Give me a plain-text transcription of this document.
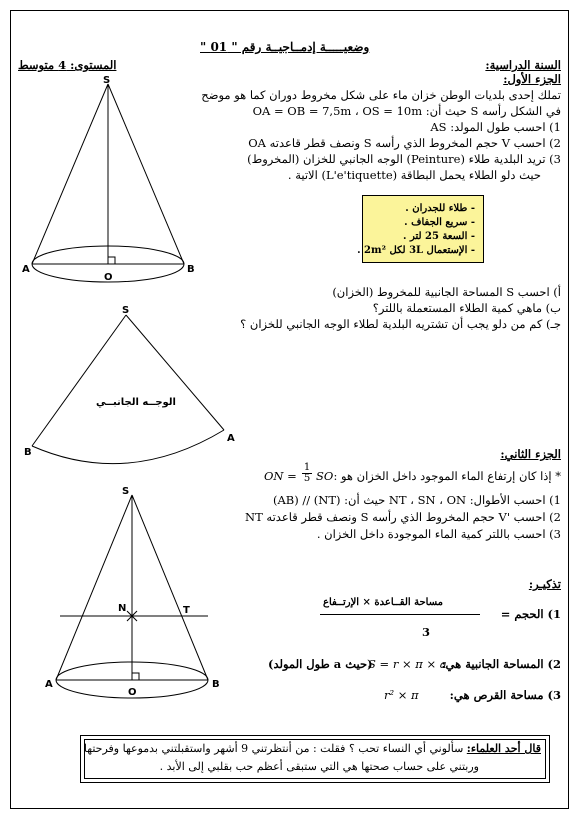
وضعيـــــة إدمــاجيــة رقم " 01 "
السنة الدراسية:
المستوى: 4 متوسط
الجزء الأول:
تملك إحدى بلديات الوطن خزان ماء على شكل مخروط دوران كما هو موضح
في الشكل رأسه S حيث أن: OA = OB = 7,5m ، OS = 10m
1) احسب طول المولد: AS
2) احسب V حجم المخروط الذي رأسه S ونصف قطر قاعدته OA
3) تريد البلدية طلاء (Peinture) الوجه الجانبي للخزان (المخروط)
حيث دلو الطلاء يحمل البطاقة (L'e'tiquette) الاتية .
- طلاء للجدران .
- سريع الجفاف .
- السعة 25 لتر .
- الإستعمال 3L لكل 2m² .
أ) احسب S المساحة الجانبية للمخروط (الخزان)
ب) ماهي كمية الطلاء المستعملة باللتر؟
جـ) كم من دلو يجب أن تشتريه البلدية لطلاء الوجه الجانبي للخزان ؟
الجزء الثاني:
* إذا كان إرتفاع الماء الموجود داخل الخزان هو :
ON = $\frac{1}{5}$ SO
1) احسب الأطوال: NT ، SN ، ON حيث أن: (NT) // (AB)
2) احسب 'V حجم المخروط الذي رأسه S ونصف قطر قاعدته NT
3) احسب باللتر كمية الماء الموجودة داخل الخزان .
تذكيـر:
مساحة القــاعدة × الإرتــفاع
1) الحجم =
3
2) المساحة الجانبية هي:
S = r × π × a
(حيث a طول المولد)
3) مساحة القرص هي:
r² × π
قال أحد العلماء: سألوني أي النساء تحب ؟ فقلت : من أنتظرتني 9 أشهر واستقبلتني بدموعها وفرحتها
وربتني على حساب صحتها هي التي ستبقى أعظم حب بقلبي إلى الأبد .
S
A	B
O
S
B
A
الوجــه الجانبــي
S
N	T
A	B
O
